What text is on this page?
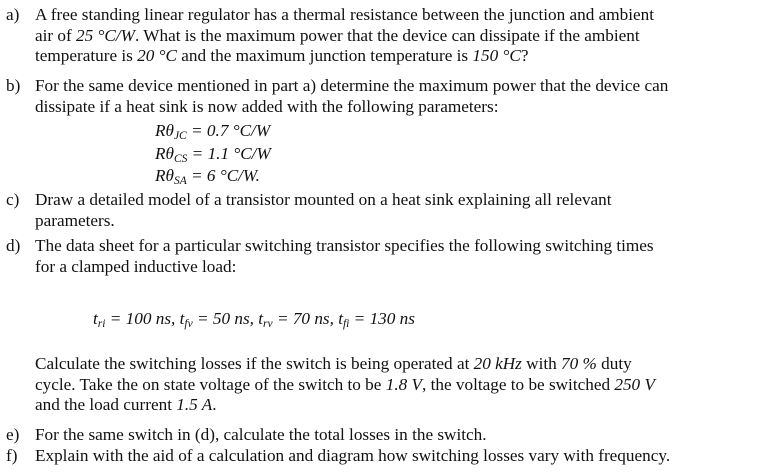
a) A free standing linear regulator has a thermal resistance between the junction and ambient
air of 25 °C/W. What is the maximum power that the device can dissipate if the ambient
temperature is 20 °C and the maximum junction temperature is 150 °C?
b) For the same device mentioned in part a) determine the maximum power that the device can
dissipate if a heat sink is now added with the following parameters:
RθJC = 0.7 °C/W
RθCS = 1.1 °C/W
RθSA = 6 °C/W.
c) Draw a detailed model of a transistor mounted on a heat sink explaining all relevant
parameters.
d) The data sheet for a particular switching transistor specifies the following switching times
for a clamped inductive load:
tri = 100 ns, tfv = 50 ns, trv = 70 ns, tfi = 130 ns
Calculate the switching losses if the switch is being operated at 20 kHz with 70 % duty
cycle. Take the on state voltage of the switch to be 1.8 V, the voltage to be switched 250 V
and the load current 1.5 A.
e) For the same switch in (d), calculate the total losses in the switch.
f) Explain with the aid of a calculation and diagram how switching losses vary with frequency.
